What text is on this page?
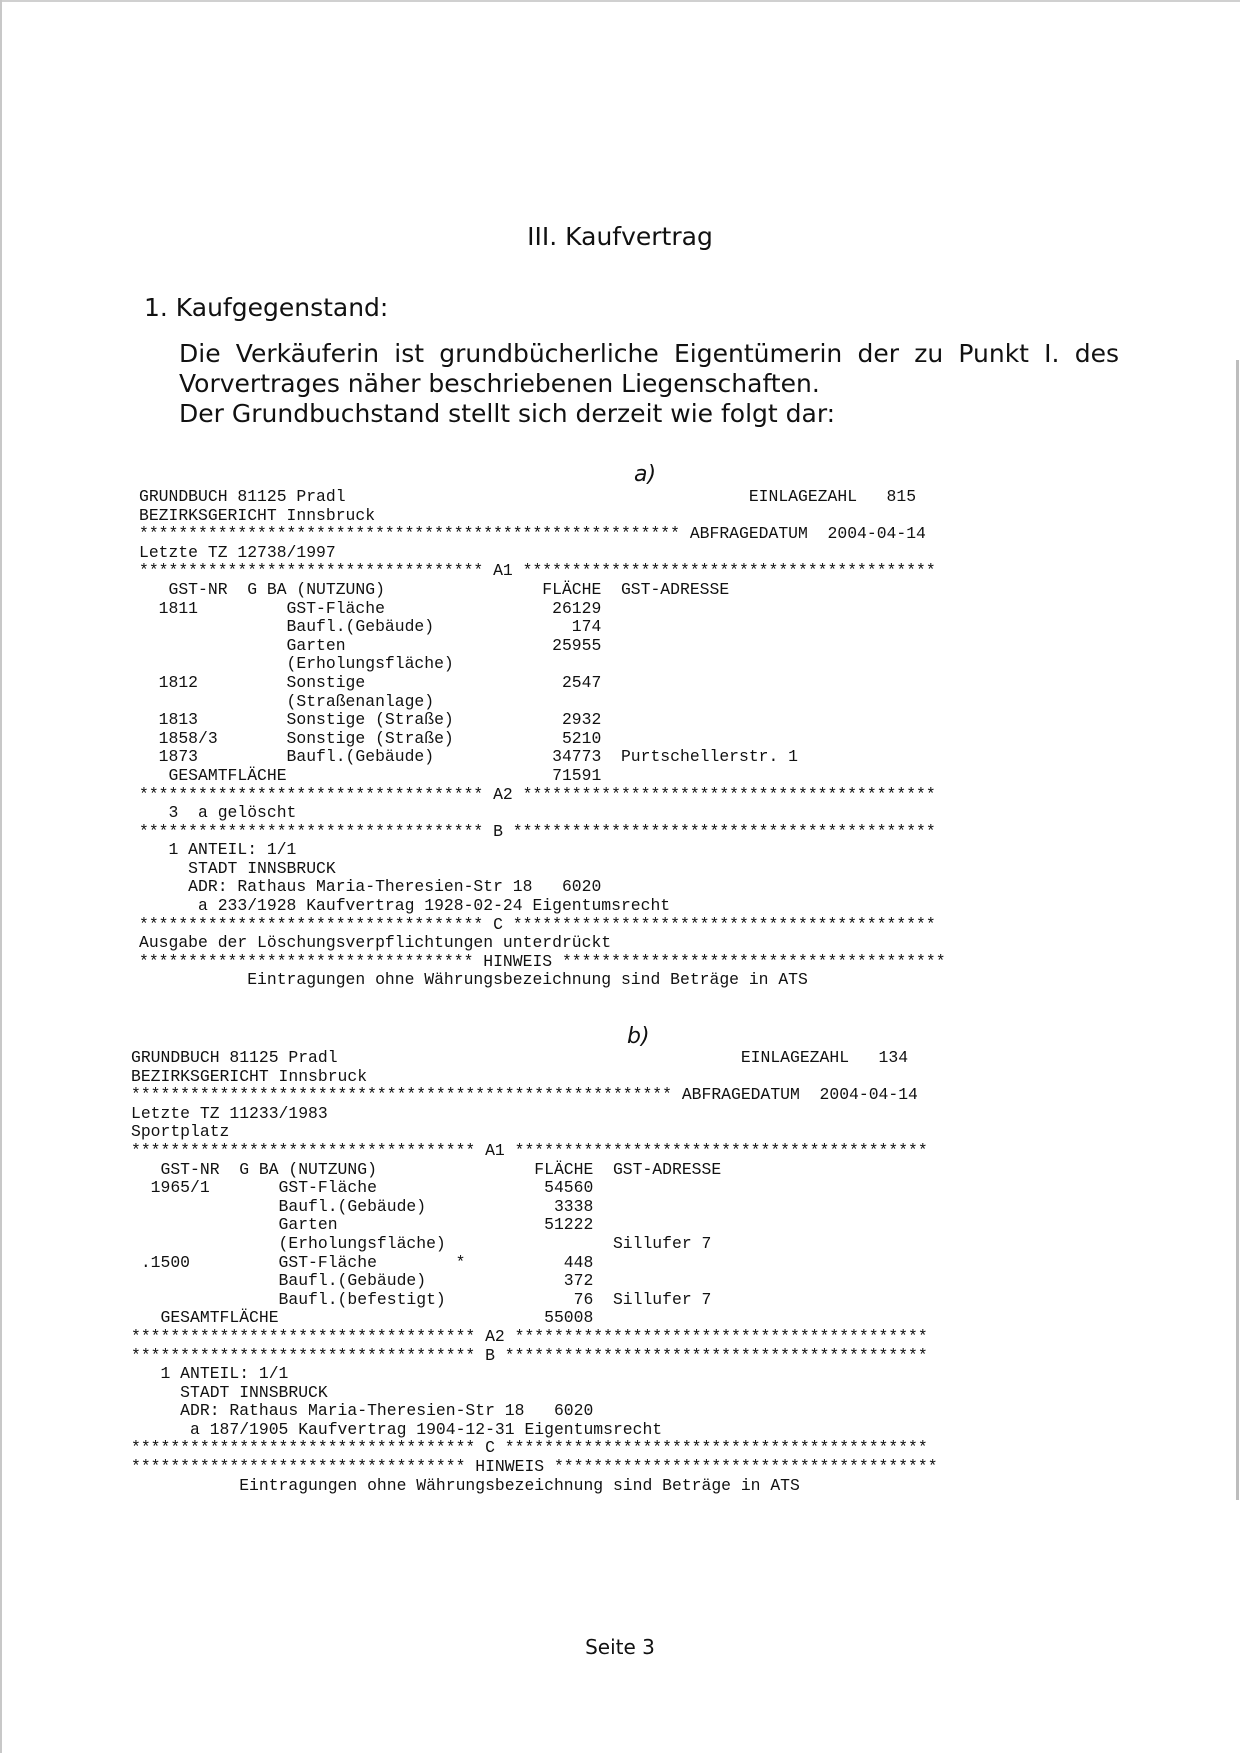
III. Kaufvertrag
1. Kaufgegenstand:

Die Verkäuferin ist grundbücherliche Eigentümerin der zu Punkt I. des

Vorvertrages näher beschriebenen Liegenschaften.

Der Grundbuchstand stellt sich derzeit wie folgt dar:

a)
GRUNDBUCH 81125 Pradl                                         EINLAGEZAHL   815
BEZIRKSGERICHT Innsbruck
******************************************************* ABFRAGEDATUM  2004-04-14
Letzte TZ 12738/1997
*********************************** A1 ******************************************
GST-NR  G BA (NUTZUNG)                FLÄCHE  GST-ADRESSE
1811         GST-Fläche                 26129
Baufl.(Gebäude)              174
Garten                     25955
(Erholungsfläche)
1812         Sonstige                    2547
(Straßenanlage)
1813         Sonstige (Straße)           2932
1858/3       Sonstige (Straße)           5210
1873         Baufl.(Gebäude)            34773  Purtschellerstr. 1
GESAMTFLÄCHE                           71591
*********************************** A2 ******************************************
3  a gelöscht
*********************************** B *******************************************
1 ANTEIL: 1/1
STADT INNSBRUCK
ADR: Rathaus Maria-Theresien-Str 18   6020
a 233/1928 Kaufvertrag 1928-02-24 Eigentumsrecht
*********************************** C *******************************************
Ausgabe der Löschungsverpflichtungen unterdrückt
********************************** HINWEIS ***************************************
Eintragungen ohne Währungsbezeichnung sind Beträge in ATS
b)
GRUNDBUCH 81125 Pradl                                         EINLAGEZAHL   134
BEZIRKSGERICHT Innsbruck
******************************************************* ABFRAGEDATUM  2004-04-14
Letzte TZ 11233/1983
Sportplatz
*********************************** A1 ******************************************
GST-NR  G BA (NUTZUNG)                FLÄCHE  GST-ADRESSE
1965/1       GST-Fläche                 54560
Baufl.(Gebäude)             3338
Garten                     51222
(Erholungsfläche)                 Sillufer 7
.1500         GST-Fläche        *          448
Baufl.(Gebäude)              372
Baufl.(befestigt)             76  Sillufer 7
GESAMTFLÄCHE                           55008
*********************************** A2 ******************************************
*********************************** B *******************************************
1 ANTEIL: 1/1
STADT INNSBRUCK
ADR: Rathaus Maria-Theresien-Str 18   6020
a 187/1905 Kaufvertrag 1904-12-31 Eigentumsrecht
*********************************** C *******************************************
********************************** HINWEIS ***************************************
Eintragungen ohne Währungsbezeichnung sind Beträge in ATS
Seite 3
